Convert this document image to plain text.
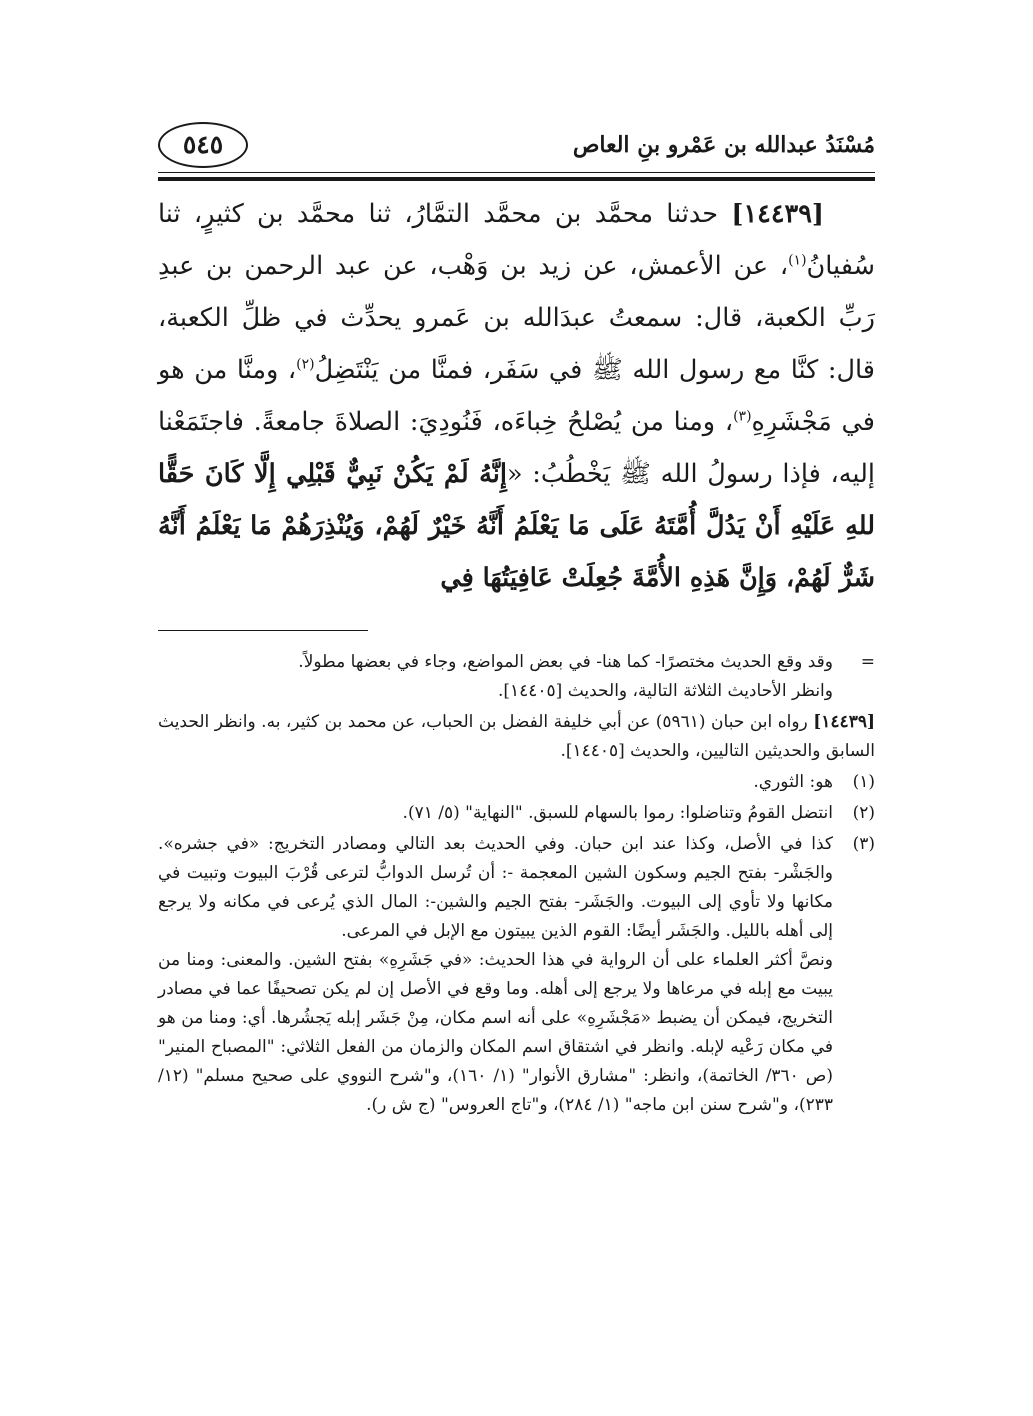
مُسْنَدُ عبدالله بن عَمْرو بنِ العاص
٥٤٥

  [١٤٤٣٩] حدثنا محمَّد بن محمَّد التمَّارُ، ثنا محمَّد بن كثيرٍ، ثنا سُفيانُ$^{(١)}$، عن الأعمش، عن زيد بن وَهْب، عن عبد الرحمن بن عبدِ رَبِّ الكعبة، قال: سمعتُ عبدَالله بن عَمرو يحدِّث في ظلِّ الكعبة، قال: كنَّا مع رسول الله ﷺ في سَفَر، فمنَّا من يَنْتَضِلُ$^{(٢)}$، ومنَّا من هو في مَجْشَرِهِ$^{(٣)}$، ومنا من يُصْلحُ خِباءَه، فَنُودِيَ: الصلاةَ جامعةً. فاجتَمَعْنا إليه، فإذا رسولُ الله ﷺ يَخْطُبُ: «إِنَّهُ لَمْ يَكُنْ نَبِيٌّ قَبْلِي إِلَّا كَانَ حَقًّا للهِ عَلَيْهِ أَنْ يَدُلَّ أُمَّتَهُ عَلَى مَا يَعْلَمُ أَنَّهُ خَيْرٌ لَهُمْ، وَيُنْذِرَهُمْ مَا يَعْلَمُ أَنَّهُ شَرٌّ لَهُمْ، وَإِنَّ هَذِهِ الأُمَّةَ جُعِلَتْ عَافِيَتُهَا فِي

=
وقد وقع الحديث مختصرًا- كما هنا- في بعض المواضع، وجاء في بعضها مطولاً.
وانظر الأحاديث الثلاثة التالية، والحديث [١٤٤٠٥].
[١٤٤٣٩] رواه ابن حبان (٥٩٦١) عن أبي خليفة الفضل بن الحباب، عن محمد بن كثير، به. وانظر الحديث السابق والحديثين التاليين، والحديث [١٤٤٠٥].
(١)
هو: الثوري.
(٢)
انتضل القومُ وتناضلوا: رموا بالسهام للسبق. "النهاية" (٥/ ٧١).
(٣)
كذا في الأصل، وكذا عند ابن حبان. وفي الحديث بعد التالي ومصادر التخريج: «في جشره». والجَشْر- بفتح الجيم وسكون الشين المعجمة -: أن تُرسل الدوابُّ لترعى قُرْبَ البيوت وتبيت في مكانها ولا تأوي إلى البيوت. والجَشَر- بفتح الجيم والشين-: المال الذي يُرعى في مكانه ولا يرجع إلى أهله بالليل. والجَشَر أيضًا: القوم الذين يبيتون مع الإبل في المرعى.
ونصَّ أكثر العلماء على أن الرواية في هذا الحديث: «في جَشَرِهِ» بفتح الشين. والمعنى: ومنا من يبيت مع إبله في مرعاها ولا يرجع إلى أهله. وما وقع في الأصل إن لم يكن تصحيفًا عما في مصادر التخريج، فيمكن أن يضبط «مَجْشَرِهِ» على أنه اسم مكان، مِنْ جَشَر إبله يَجشُرها. أي: ومنا من هو في مكان رَعْيه لإبله. وانظر في اشتقاق اسم المكان والزمان من الفعل الثلاثي: "المصباح المنير" (ص ٣٦٠/ الخاتمة)، وانظر: "مشارق الأنوار" (١/ ١٦٠)، و"شرح النووي على صحيح مسلم" (١٢/ ٢٣٣)، و"شرح سنن ابن ماجه" (١/ ٢٨٤)، و"تاج العروس" (ج ش ر).
